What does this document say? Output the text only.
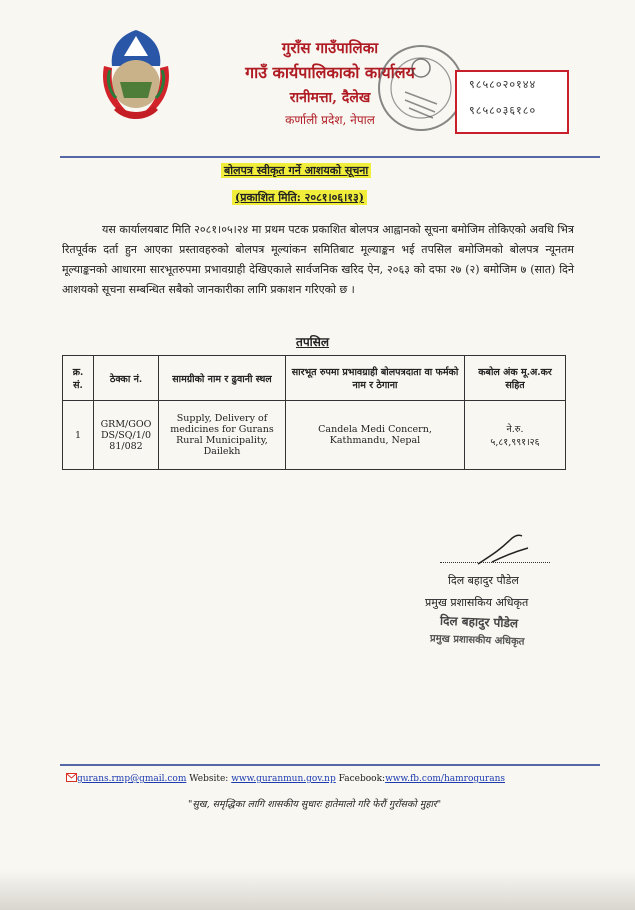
गुराँस गाउँपालिका
गाउँ कार्यपालिकाको कार्यालय
रानीमत्ता, दैलेख
कर्णाली प्रदेश, नेपाल
९८५८०२०१४४
९८५८०३६१८०
बोलपत्र स्वीकृत गर्ने आशयको सूचना
(प्रकाशित मिति: २०८१।०६।१३)
यस कार्यालयबाट मिति २०८१।०५।२४ मा प्रथम पटक प्रकाशित बोलपत्र आह्वानको सूचना बमोजिम तोकिएको अवधि भित्र रितपूर्वक दर्ता हुन आएका प्रस्तावहरुको बोलपत्र मूल्यांकन समितिबाट मूल्याङ्कन भई तपसिल बमोजिमको बोलपत्र न्यूनतम मूल्याङ्कनको आधारमा सारभूतरुपमा प्रभावग्राही देखिएकाले सार्वजनिक खरिद ऐन, २०६३ को दफा २७ (२) बमोजिम ७ (सात) दिने आशयको सूचना सम्बन्धित सबैको जानकारीका लागि प्रकाशन गरिएको छ ।
तपसिल
क्र. सं.	ठेक्का नं.	सामग्रीको नाम र ढुवानी स्थल	सारभूत रुपमा प्रभावग्राही बोलपत्रदाता वा फर्मको नाम र ठेगाना	कबोल अंक मू.अ.कर सहित
1	GRM/GOODS/SQ/1/081/082	Supply, Delivery of medicines for Gurans Rural Municipality, Dailekh	Candela Medi Concern, Kathmandu, Nepal	ने.रु.
५,८१,९९१।२६
दिल बहादुर पौडेल
प्रमुख प्रशासकिय अधिकृत
दिल बहादुर पौडेल
प्रमुख प्रशासकीय अधिकृत
gurans.rmp@gmail.com Website: www.guranmun.gov.np Facebook:www.fb.com/hamrogurans
"सुख, समृद्धिका लागि शासकीय सुधारः हातेमालो गरि फेरौं गुराँसको मुहार"
